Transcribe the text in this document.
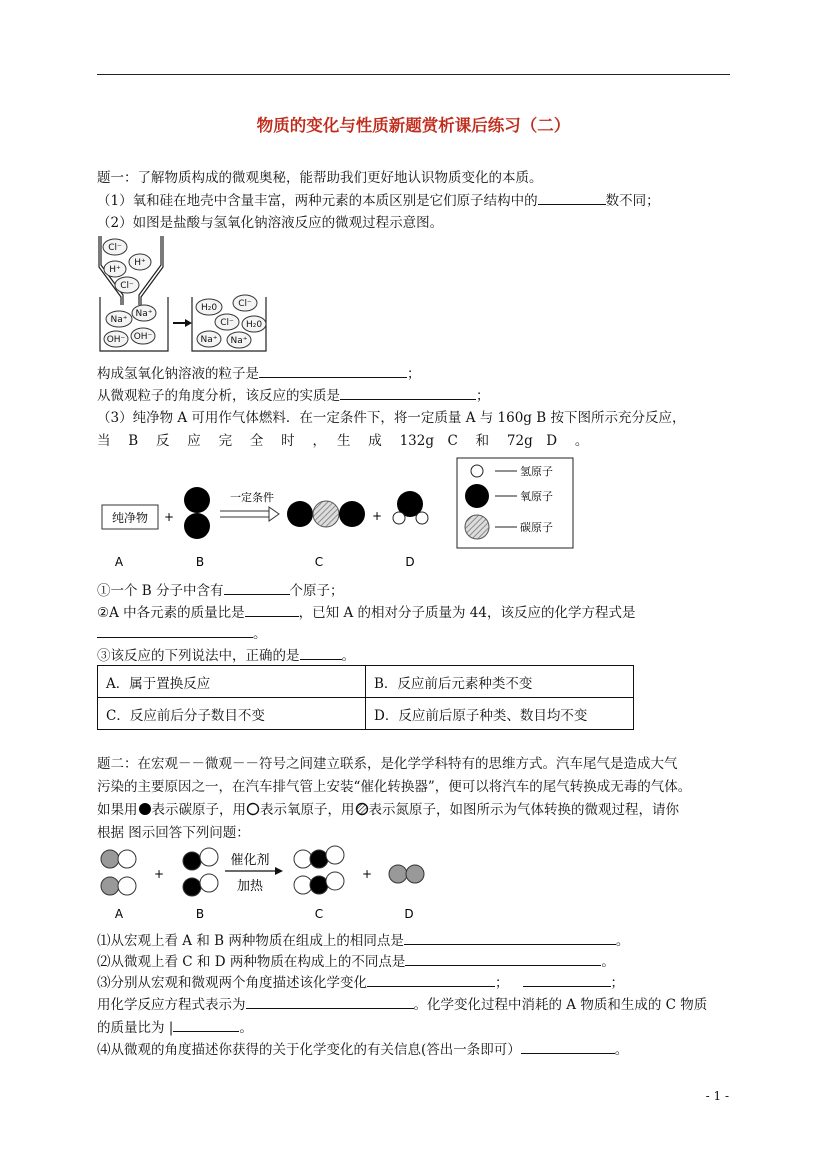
物质的变化与性质新题赏析课后练习（二）
题一：了解物质构成的微观奥秘，能帮助我们更好地认识物质变化的本质。
（1）氧和硅在地壳中含量丰富，两种元素的本质区别是它们原子结构中的	数不同；
（2）如图是盐酸与氢氧化钠溶液反应的微观过程示意图。
Cl⁻
H⁺
H⁺
Cl⁻
Na⁺
Na⁺
OH⁻ OH⁻
H₂0 Cl⁻
Cl⁻ H₂0
Na⁺ Na⁺
构成氢氧化钠溶液的粒子是	；
从微观粒子的角度分析，该反应的实质是	；
（3）纯净物 A 可用作气体燃料．在一定条件下，将一定质量 A 与 160g B 按下图所示充分反应，
当　 B　 反　 应　 完　 全　 时　 ，　 生　 成　 132g　C　 和　 72g　D　 。
纯净物 +
一定条件
+
氢原子
氧原子
碳原子
A	B	C	D
①一个 B 分子中含有	个原子；
②A 中各元素的质量比是	，已知 A 的相对分子质量为 44，该反应的化学方程式是
。
③该反应的下列说法中，正确的是	。
A．属于置换反应	B．反应前后元素种类不变
C．反应前后分子数目不变	D．反应前后原子种类、数目均不变
题二：在宏观－－微观－－符号之间建立联系，是化学学科特有的思维方式。汽车尾气是造成大气
污染的主要原因之一，在汽车排气管上安装“催化转换器”，便可以将汽车的尾气转换成无毒的气体。
如果用 表示碳原子，用 表示氧原子，用 表示氮原子，如图所示为气体转换的微观过程，请你
根据 图示回答下列问题：
+
催化剂
加热
+
A	B	C	D
⑴从宏观上看 A 和 B 两种物质在组成上的相同点是	。
⑵从微观上看 C 和 D 两种物质在构成上的不同点是	。
⑶分别从宏观和微观两个角度描述该化学变化	；	；
用化学反应方程式表示为	。化学变化过程中消耗的 A 物质和生成的 C 物质
的质量比为 |	。
⑷从微观的角度描述你获得的关于化学变化的有关信息(答出一条即可）	。
- 1 -
